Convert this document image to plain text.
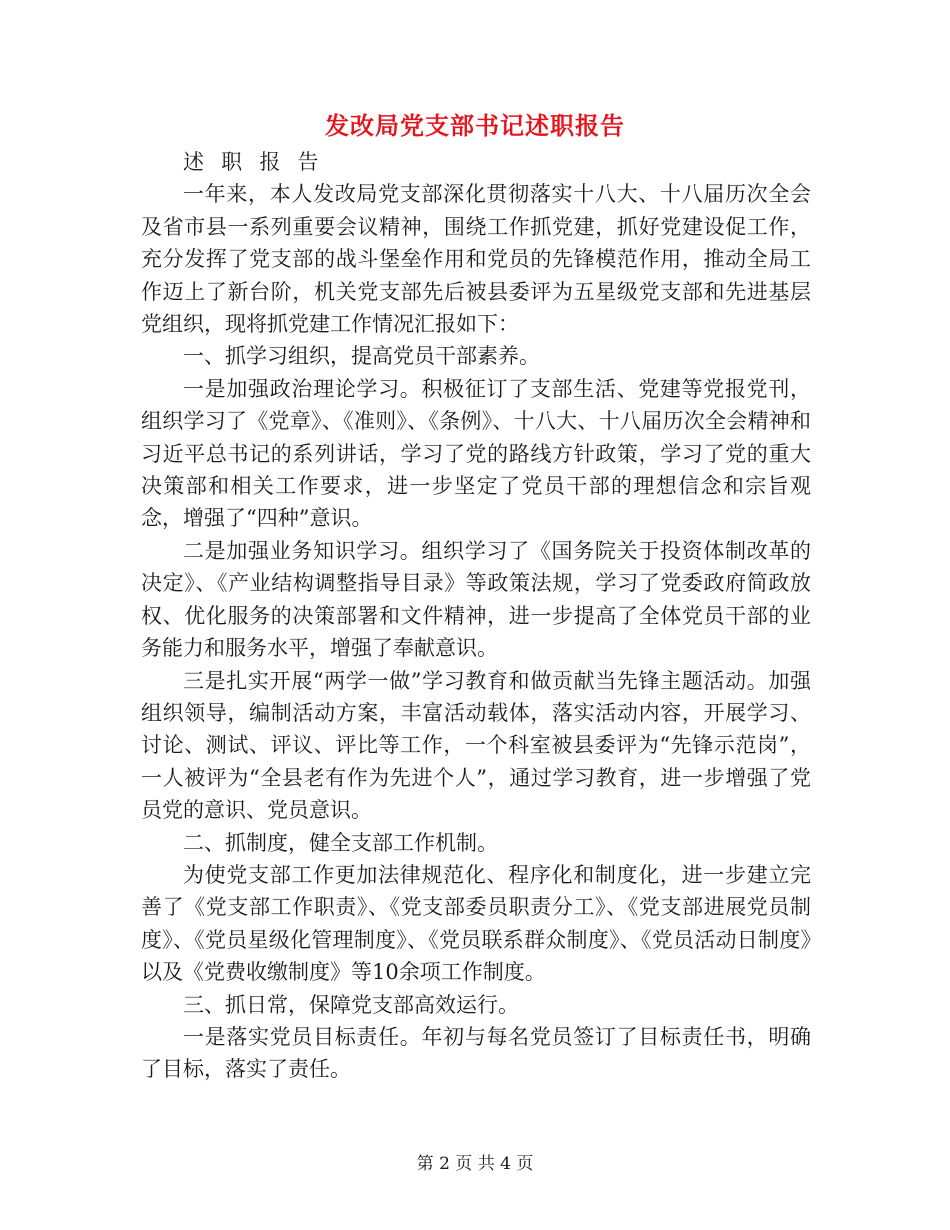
发改局党支部书记述职报告

述 职 报 告

一年来，本人发改局党支部深化贯彻落实十八大、十八届历次全会及省市县一系列重要会议精神，围绕工作抓党建，抓好党建设促工作，充分发挥了党支部的战斗堡垒作用和党员的先锋模范作用，推动全局工作迈上了新台阶，机关党支部先后被县委评为五星级党支部和先进基层党组织，现将抓党建工作情况汇报如下：

一、抓学习组织，提高党员干部素养。

一是加强政治理论学习。积极征订了支部生活、党建等党报党刊，组织学习了《党章》、《准则》、《条例》、十八大、十八届历次全会精神和习近平总书记的系列讲话，学习了党的路线方针政策，学习了党的重大决策部和相关工作要求，进一步坚定了党员干部的理想信念和宗旨观念，增强了“四种”意识。

二是加强业务知识学习。组织学习了《国务院关于投资体制改革的决定》、《产业结构调整指导目录》等政策法规，学习了党委政府简政放权、优化服务的决策部署和文件精神，进一步提高了全体党员干部的业务能力和服务水平，增强了奉献意识。

三是扎实开展“两学一做”学习教育和做贡献当先锋主题活动。加强组织领导，编制活动方案，丰富活动载体，落实活动内容，开展学习、讨论、测试、评议、评比等工作，一个科室被县委评为“先锋示范岗”，一人被评为“全县老有作为先进个人”，通过学习教育，进一步增强了党员党的意识、党员意识。

二、抓制度，健全支部工作机制。

为使党支部工作更加法律规范化、程序化和制度化，进一步建立完善了《党支部工作职责》、《党支部委员职责分工》、《党支部进展党员制度》、《党员星级化管理制度》、《党员联系群众制度》、《党员活动日制度》以及《党费收缴制度》等10余项工作制度。

三、抓日常，保障党支部高效运行。

一是落实党员目标责任。年初与每名党员签订了目标责任书，明确了目标，落实了责任。

第 2 页 共 4 页
